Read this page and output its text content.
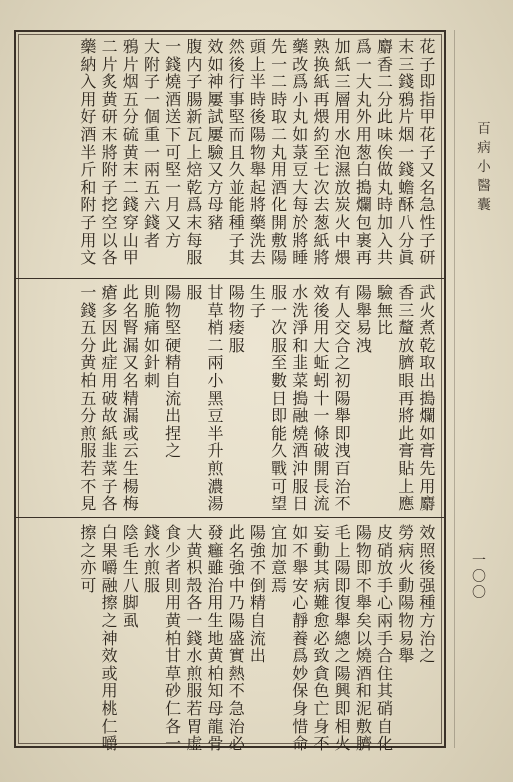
百
病
小
醫
囊
一
〇
〇
花
子
即
指
甲
花
子
又
名
急
性
子
研
末
三
錢
鴉
片
烟
一
錢
蟾
酥
八
分
眞
麝
香
二
分
此
味
俟
做
丸
時
加
入
共
爲
一
大
丸
外
用
葱
白
搗
爛
包
裹
再
加
紙
三
層
用
水
泡
濕
放
炭
火
中
煨
熟
换
紙
再
煨
約
至
七
次
去
葱
紙
將
藥
改
爲
小
丸
如
菉
豆
大
每
於
將
睡
先
一
二
時
取
二
丸
用
酒
化
開
敷
陽
頭
上
半
時
後
陽
物
舉
起
將
藥
洗
去
然
後
行
事
堅
而
且
久
並
能
種
子
其
效
如
神
屢
試
屢
驗
又
方
母
豬
腹
内
子
腸
新
瓦
上
焙
乾
爲
末
每
服
一
錢
燒
酒
送
下
可
堅
一
月
又
方
大
附
子
一
個
重
一
兩
五
六
錢
者
鴉
片
烟
五
分
硫
黄
末
二
錢
穿
山
甲
二
片
炙
黄
研
末
將
附
子
挖
空
以
各
藥
納
入
用
好
酒
半
斤
和
附
子
用
文
武
火
煮
乾
取
出
搗
爛
如
膏
先
用
麝
香
三
釐
放
臍
眼
再
將
此
膏
貼
上
應
驗
無
比
陽
舉
易
洩
有
人
交
合
之
初
陽
舉
即
洩
百
治
不
效
後
用
大
蚯
蚓
十
一
條
破
開
長
流
水
洗
淨
和
韭
菜
搗
融
燒
酒
沖
服
日
服
一
次
服
至
數
日
即
能
久
戰
可
望
生
子
陽
物
痿
服
甘
草
梢
二
兩
小
黑
豆
半
升
煎
濃
湯
服
陽
物
堅
硬
精
自
流
出
捏
之
則
脆
痛
如
針
刺
此
名
腎
漏
又
名
精
漏
或
云
生
楊
梅
瘡
多
因
此
症
用
破
故
紙
韭
菜
子
各
一
錢
五
分
黄
柏
五
分
煎
服
若
不
見
效
照
後
强
種
方
治
之
勞
病
火
動
陽
物
易
舉
皮
硝
放
手
心
兩
手
合
住
其
硝
自
化
陽
物
即
不
舉
矣
以
燒
酒
和
泥
敷
臍
毛
上
陽
即
復
舉
總
之
陽
興
即
相
火
妄
動
其
病
難
愈
必
致
貪
色
亡
身
不
如
不
舉
安
心
靜
養
爲
妙
保
身
惜
命
宜
加
意
焉
陽
強
不
倒
精
自
流
出
此
名
強
中
乃
陽
盛
實
熱
不
急
治
必
發
癰
雖
治
用
生
地
黄
柏
知
母
龍
骨
大
黄
枳
殼
各
一
錢
水
煎
服
若
胃
虚
食
少
者
則
用
黄
柏
甘
草
砂
仁
各
一
錢
水
煎
服
陰
毛
生
八
脚
虱
白
果
嚼
融
擦
之
神
效
或
用
桃
仁
嚼
擦
之
亦
可
